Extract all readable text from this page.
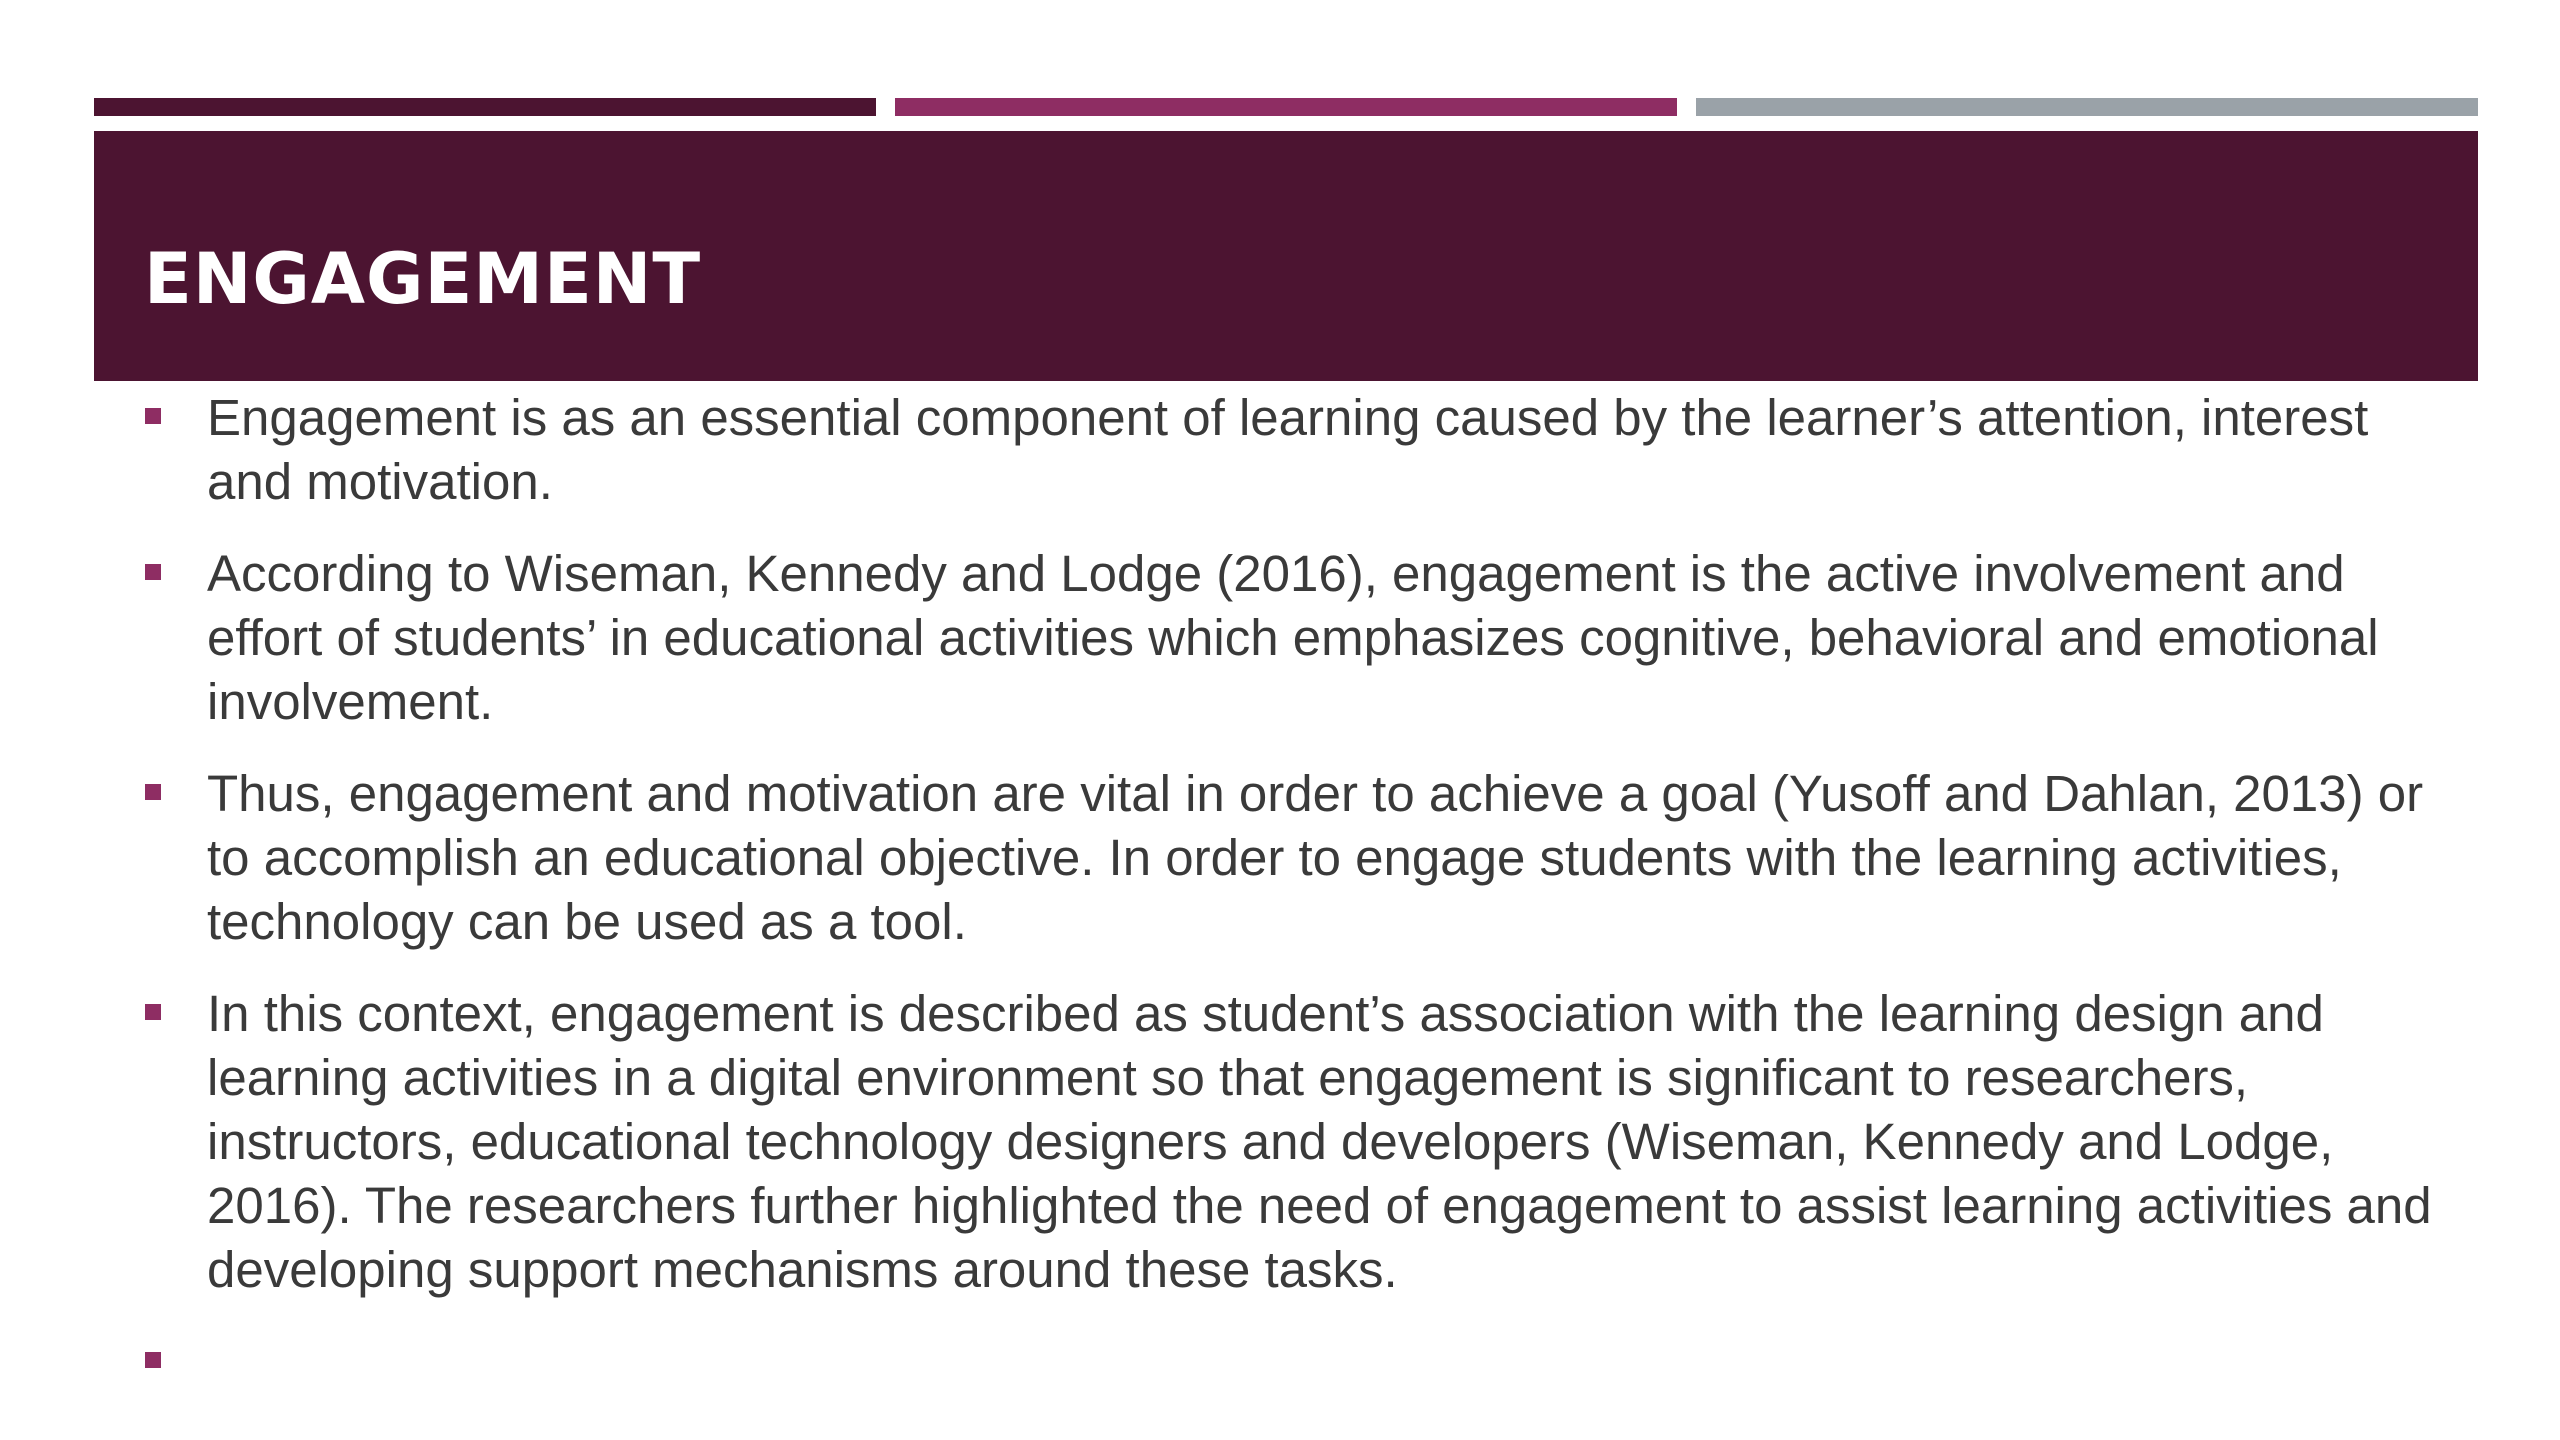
ENGAGEMENT
Engagement is as an essential component of learning caused by the learner’s attention, interest and motivation.
According to Wiseman, Kennedy and Lodge (2016), engagement is the active involvement and effort of students’ in educational activities which emphasizes cognitive, behavioral and emotional involvement.
Thus, engagement and motivation are vital in order to achieve a goal (Yusoff and Dahlan, 2013) or to accomplish an educational objective. In order to engage students with the learning activities, technology can be used as a tool.
In this context, engagement is described as student’s association with the learning design and learning activities in a digital environment so that engagement is significant to researchers, instructors, educational technology designers and developers (Wiseman, Kennedy and Lodge, 2016). The researchers further highlighted the need of engagement to assist learning activities and developing support mechanisms around these tasks.
